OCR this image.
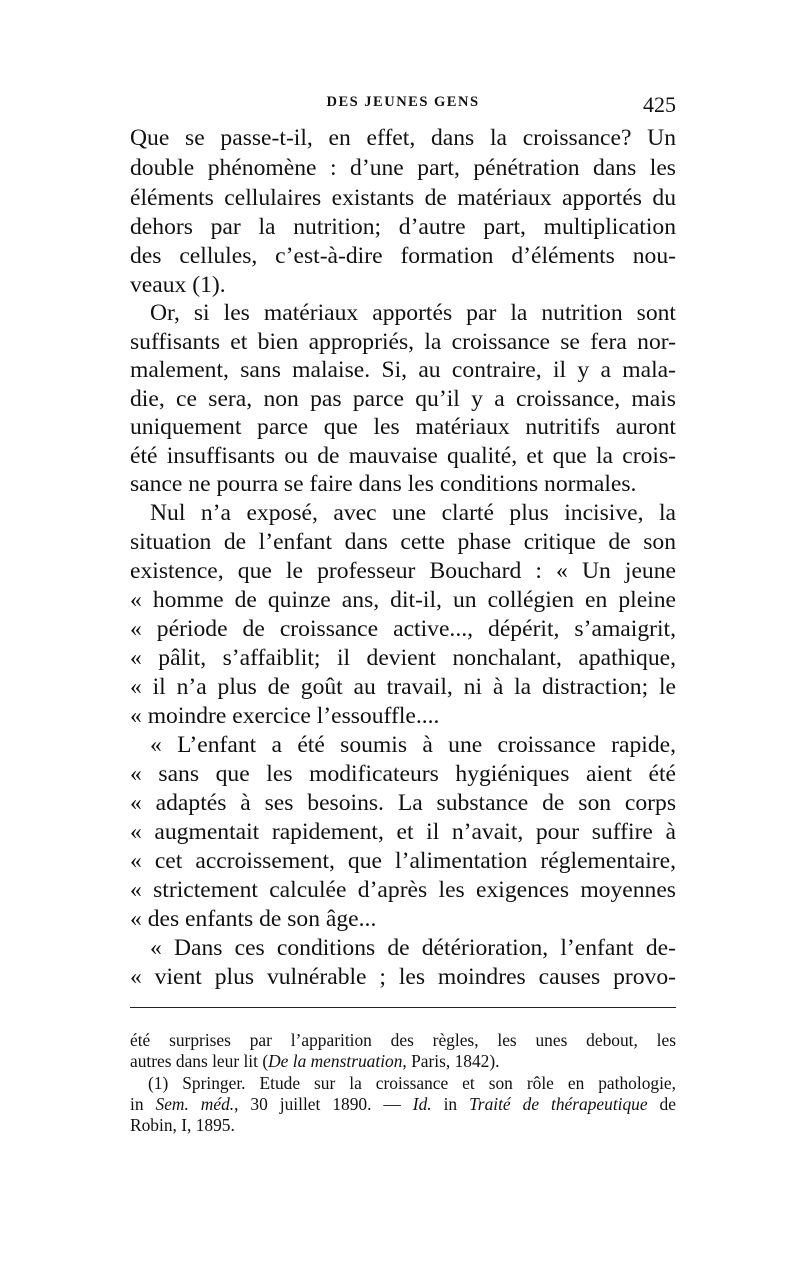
DES JEUNES GENS	425
Que se passe-t-il, en effet, dans la croissance? Un
double phénomène : d’une part, pénétration dans les
éléments cellulaires existants de matériaux apportés du
dehors par la nutrition; d’autre part, multiplication
des cellules, c’est-à-dire formation d’éléments nou-
veaux (1).
Or, si les matériaux apportés par la nutrition sont
suffisants et bien appropriés, la croissance se fera nor-
malement, sans malaise. Si, au contraire, il y a mala-
die, ce sera, non pas parce qu’il y a croissance, mais
uniquement parce que les matériaux nutritifs auront
été insuffisants ou de mauvaise qualité, et que la crois-
sance ne pourra se faire dans les conditions normales.
Nul n’a exposé, avec une clarté plus incisive, la
situation de l’enfant dans cette phase critique de son
existence, que le professeur Bouchard : « Un jeune
« homme de quinze ans, dit-il, un collégien en pleine
« période de croissance active..., dépérit, s’amaigrit,
« pâlit, s’affaiblit; il devient nonchalant, apathique,
« il n’a plus de goût au travail, ni à la distraction; le
« moindre exercice l’essouffle....
« L’enfant a été soumis à une croissance rapide,
« sans que les modificateurs hygiéniques aient été
« adaptés à ses besoins. La substance de son corps
« augmentait rapidement, et il n’avait, pour suffire à
« cet accroissement, que l’alimentation réglementaire,
« strictement calculée d’après les exigences moyennes
« des enfants de son âge...
« Dans ces conditions de détérioration, l’enfant de-
« vient plus vulnérable ; les moindres causes provo-
été surprises par l’apparition des règles, les unes debout, les
autres dans leur lit (De la menstruation, Paris, 1842).
(1) Springer. Etude sur la croissance et son rôle en pathologie,
in Sem. méd., 30 juillet 1890. — Id. in Traité de thérapeutique de
Robin, I, 1895.
